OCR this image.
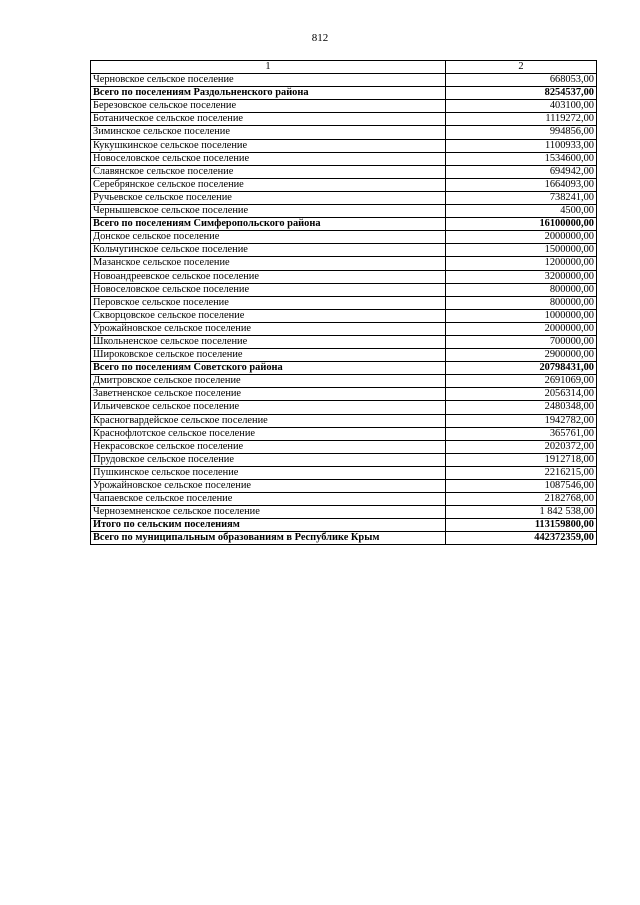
812
1	2
Черновское сельское поселение	668053,00
Всего по поселениям Раздольненского района	8254537,00
Березовское сельское поселение	403100,00
Ботаническое сельское поселение	1119272,00
Зиминское сельское поселение	994856,00
Кукушкинское сельское поселение	1100933,00
Новоселовское сельское поселение	1534600,00
Славянское сельское поселение	694942,00
Серебрянское сельское поселение	1664093,00
Ручьевское сельское поселение	738241,00
Чернышевское сельское поселение	4500,00
Всего по поселениям Симферопольского района	16100000,00
Донское сельское поселение	2000000,00
Кольчугинское сельское поселение	1500000,00
Мазанское сельское поселение	1200000,00
Новоандреевское сельское поселение	3200000,00
Новоселовское сельское поселение	800000,00
Перовское сельское поселение	800000,00
Скворцовское сельское поселение	1000000,00
Урожайновское сельское поселение	2000000,00
Школьненское сельское поселение	700000,00
Широковское сельское поселение	2900000,00
Всего по поселениям Советского района	20798431,00
Дмитровское сельское поселение	2691069,00
Заветненское сельское поселение	2056314,00
Ильичевское сельское поселение	2480348,00
Красногвардейское сельское поселение	1942782,00
Краснофлотское сельское поселение	365761,00
Некрасовское сельское поселение	2020372,00
Прудовское сельское поселение	1912718,00
Пушкинское сельское поселение	2216215,00
Урожайновское сельское поселение	1087546,00
Чапаевское сельское поселение	2182768,00
Черноземненское сельское поселение	1 842 538,00
Итого по сельским поселениям	113159800,00
Всего по муниципальным образованиям в Республике Крым	442372359,00
